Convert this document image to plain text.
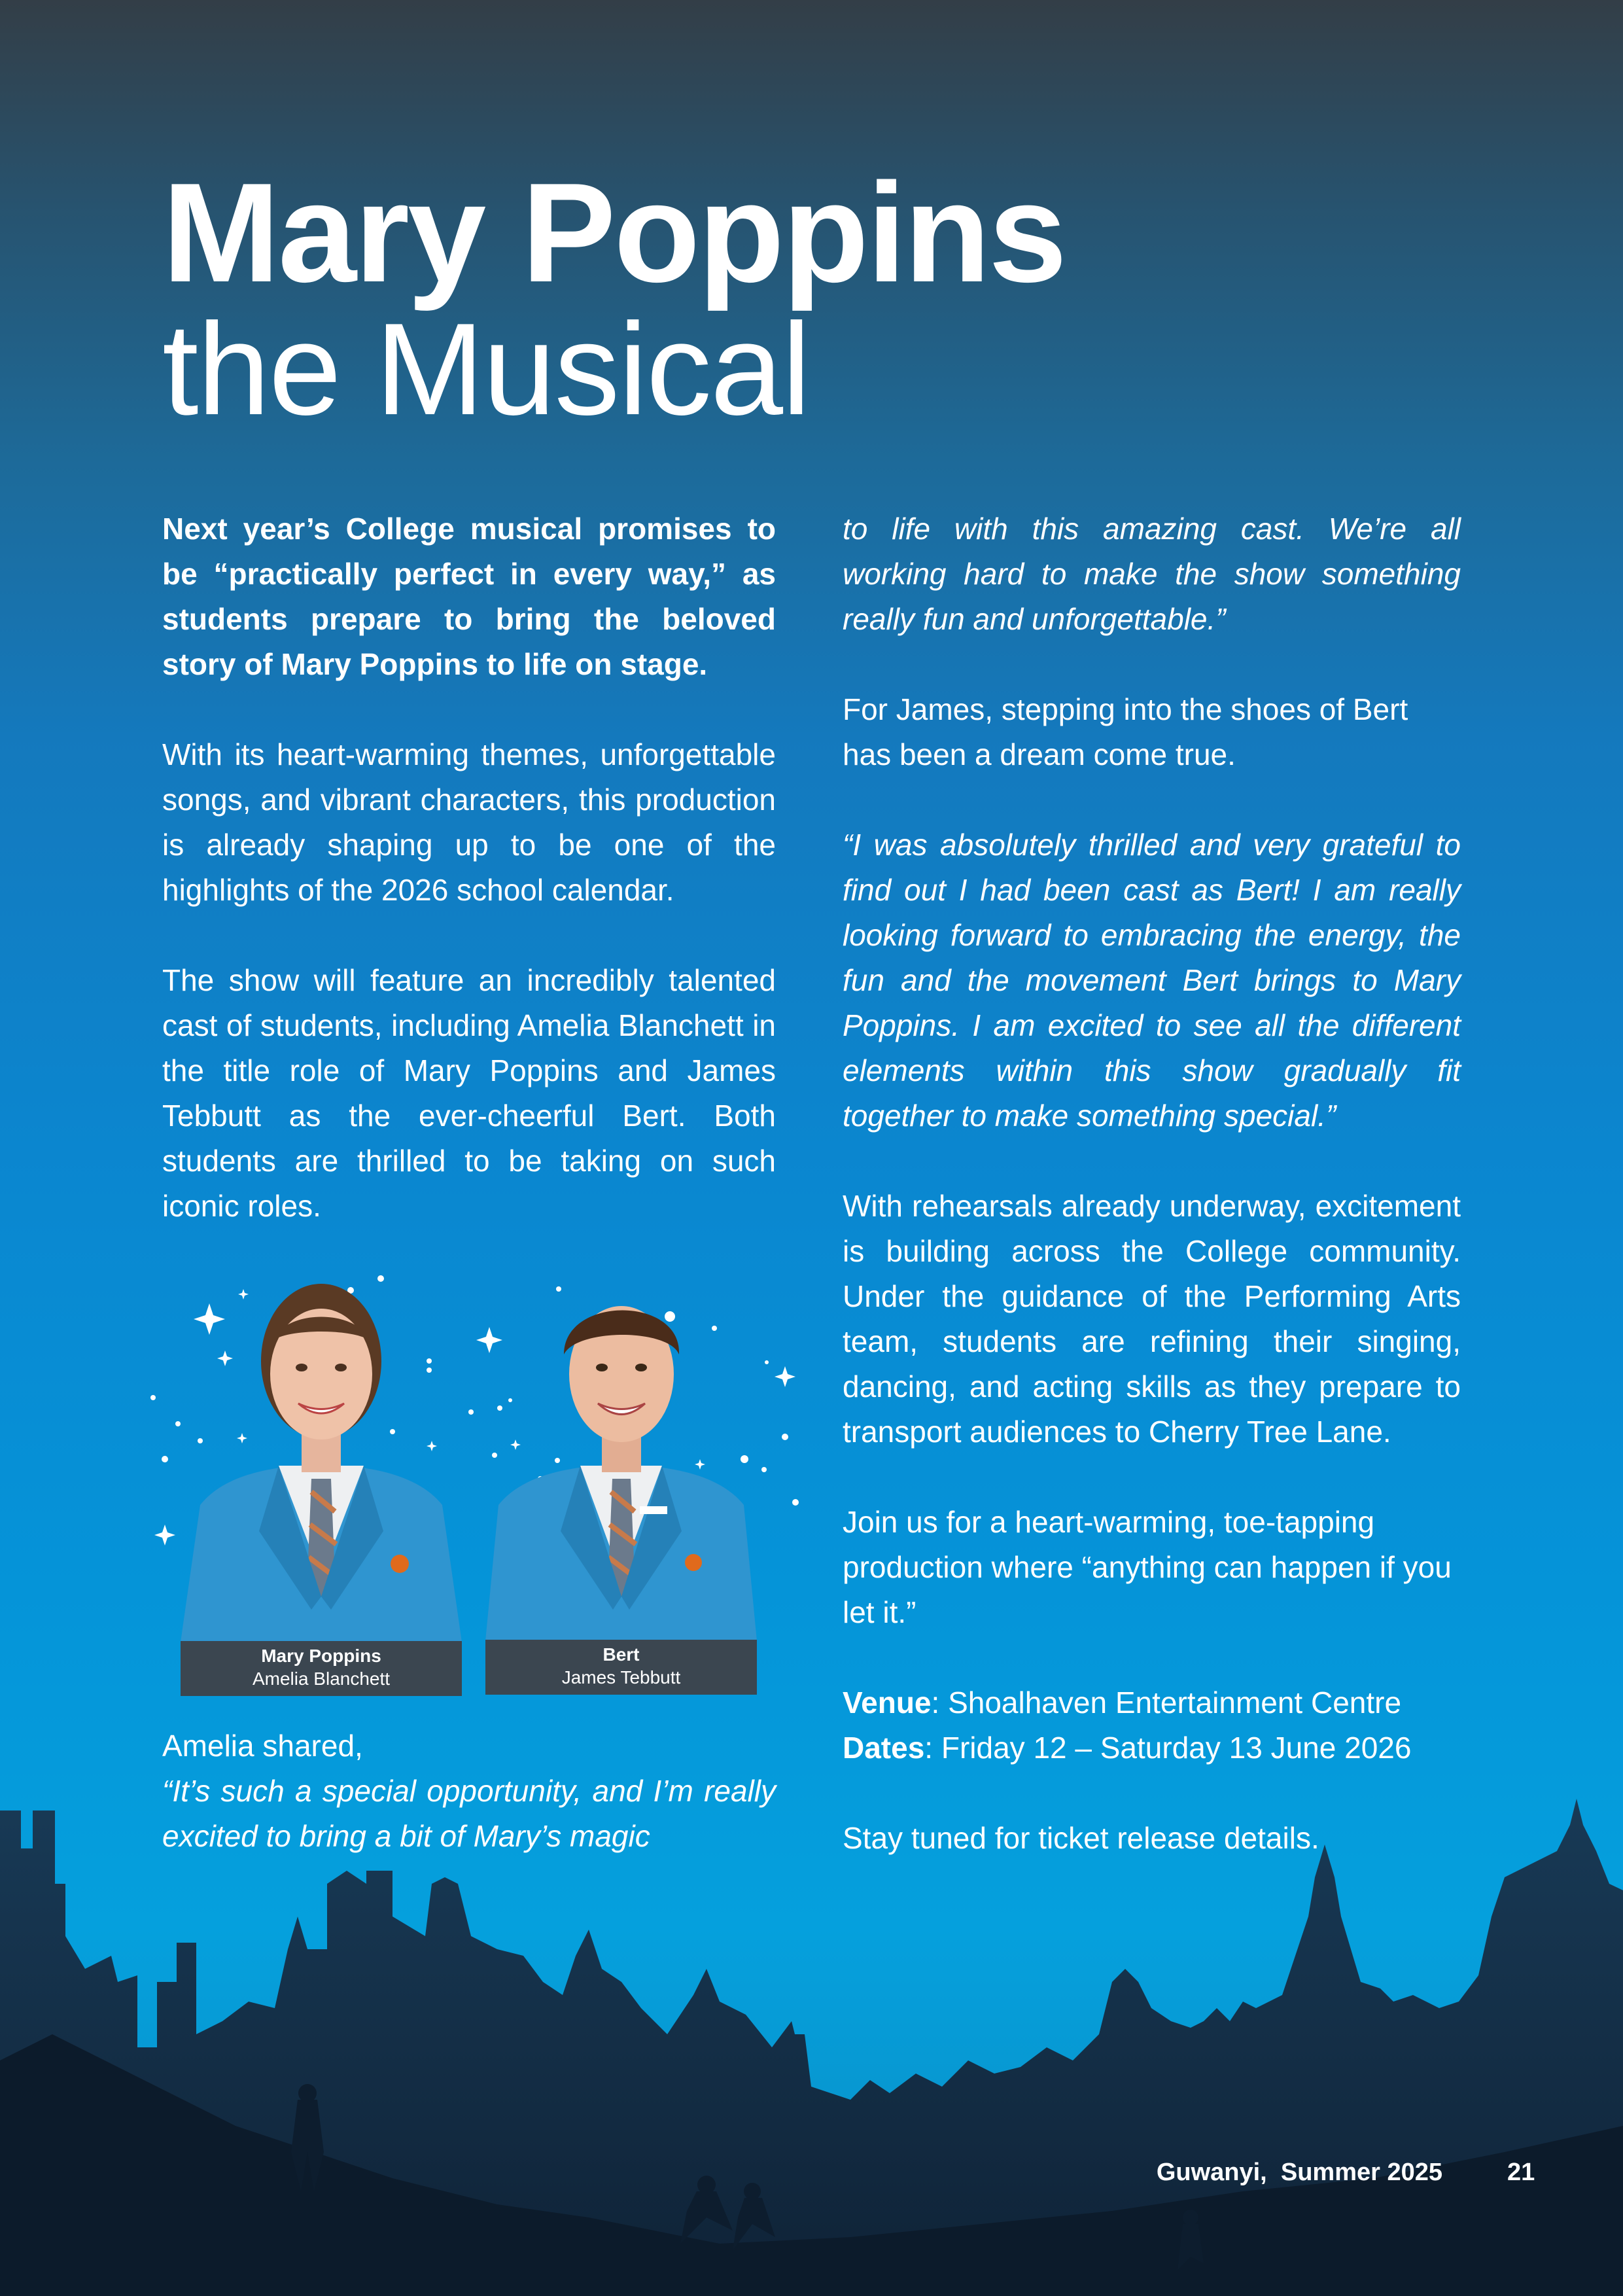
Mary Poppins
the Musical

Next year’s College musical promises to be “practically perfect in every way,” as students prepare to bring the beloved story of Mary Poppins to life on stage.

With its heart-warming themes, unforgettable songs, and vibrant characters, this production is already shaping up to be one of the highlights of the 2026 school calendar.

The show will feature an incredibly talented cast of students, including Amelia Blanchett in the title role of Mary Poppins and James Tebbutt as the ever-cheerful Bert. Both students are thrilled to be taking on such iconic roles.

Mary Poppins
Amelia Blanchett
Bert
James Tebbutt

Amelia shared,

“It’s such a special opportunity, and I’m really excited to bring a bit of Mary’s magic

to life with this amazing cast. We’re all working hard to make the show something really fun and unforgettable.”

For James, stepping into the shoes of Bert has been a dream come true.

“I was absolutely thrilled and very grateful to find out I had been cast as Bert! I am really looking forward to embracing the energy, the fun and the movement Bert brings to Mary Poppins. I am excited to see all the different elements within this show gradually fit together to make something special.”

With rehearsals already underway, excitement is building across the College community. Under the guidance of the Performing Arts team, students are refining their singing, dancing, and acting skills as they prepare to transport audiences to Cherry Tree Lane.

Join us for a heart-warming, toe-tapping production where “anything can happen if you let it.”

Venue: Shoalhaven Entertainment Centre

Dates: Friday 12 – Saturday 13 June 2026

Stay tuned for ticket release details.

Guwanyi,  Summer 2025	21
